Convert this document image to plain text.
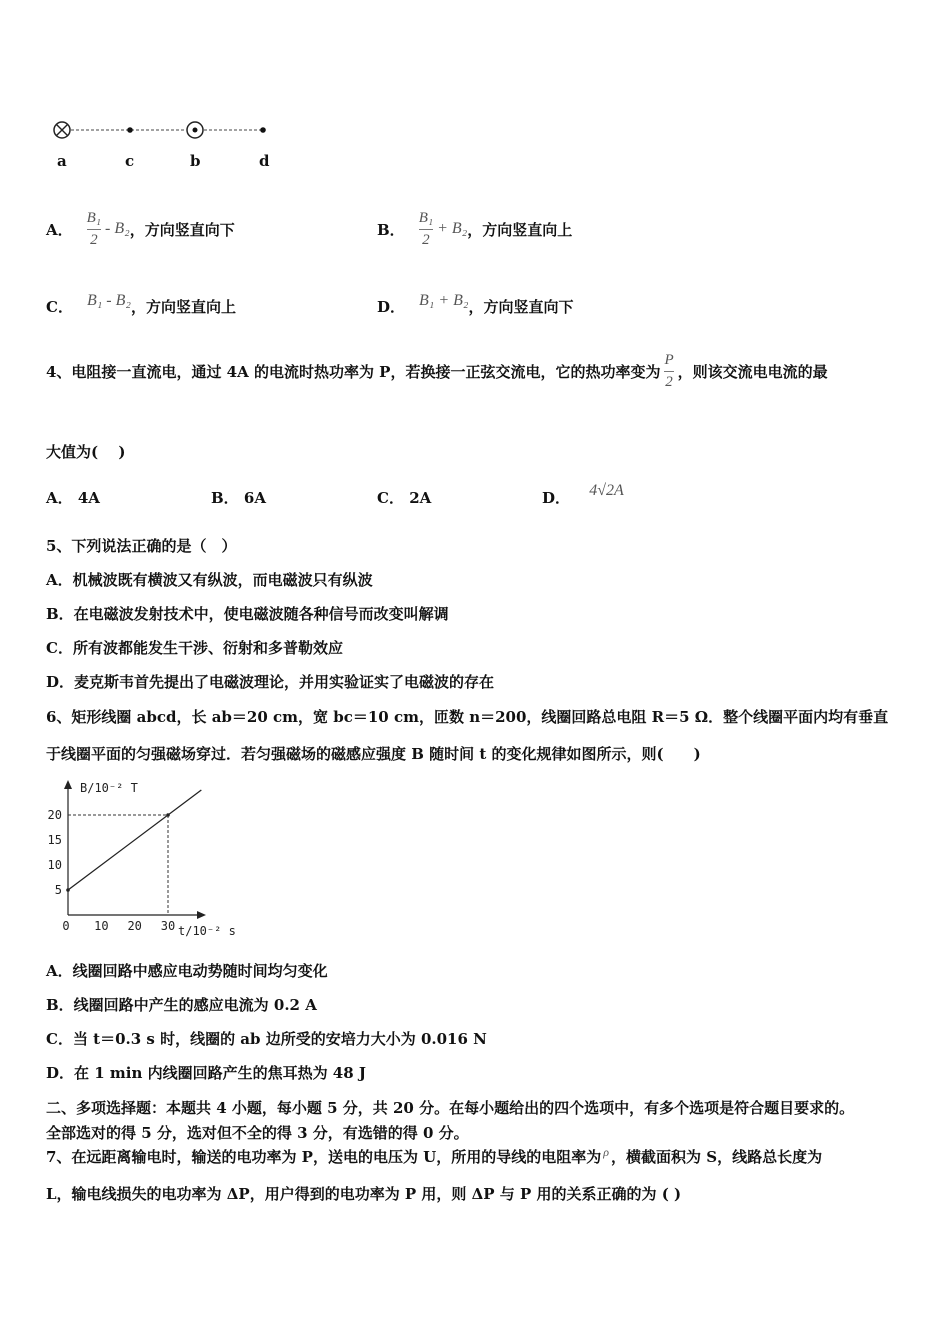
a	c	b	d
A． $\frac{\text{B₁}}{2} - B_2$ ，方向竖直向下	B． $\frac{\text{B₁}}{2} + B_2$ ，方向竖直向上
C． B₁ - B₂ ，方向竖直向上	D． B₁ + B₂ ，方向竖直向下
4、电阻接一直流电，通过 4A 的电流时热功率为 P，若换接一正弦交流电，它的热功率变为 $\frac{P}{2}$ ，则该交流电电流的最
大值为(　 )
A． 4A	B． 6A	C． 2A	D． 4√2A
5、下列说法正确的是（　）
A．机械波既有横波又有纵波，而电磁波只有纵波
B．在电磁波发射技术中，使电磁波随各种信号而改变叫解调
C．所有波都能发生干涉、衍射和多普勒效应
D．麦克斯韦首先提出了电磁波理论，并用实验证实了电磁波的存在
6、矩形线圈 abcd，长 ab＝20 cm，宽 bc＝10 cm，匝数 n＝200，线圈回路总电阻 R＝5 Ω．整个线圈平面内均有垂直
于线圈平面的匀强磁场穿过．若匀强磁场的磁感应强度 B 随时间 t 的变化规律如图所示，则(　　)
B/10⁻² T
t/10⁻² s
5
10
15
20
0 10 20 30
A．线圈回路中感应电动势随时间均匀变化
B．线圈回路中产生的感应电流为 0.2 A
C．当 t＝0.3 s 时，线圈的 ab 边所受的安培力大小为 0.016 N
D．在 1 min 内线圈回路产生的焦耳热为 48 J
二、多项选择题：本题共 4 小题，每小题 5 分，共 20 分。在每小题给出的四个选项中，有多个选项是符合题目要求的。
全部选对的得 5 分，选对但不全的得 3 分，有选错的得 0 分。
7、在远距离输电时，输送的电功率为 P，送电的电压为 U，所用的导线的电阻率为 ρ ，横截面积为 S，线路总长度为
L，输电线损失的电功率为 ΔP，用户得到的电功率为 P 用，则 ΔP 与 P 用的关系正确的为 ( )
